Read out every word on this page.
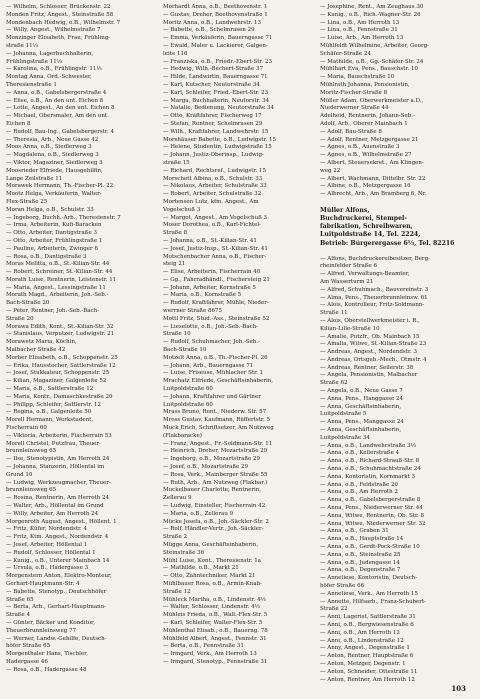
— Wilhelm, Schlosser, Brückenstr. 22
Monden Fritz, Angest., Steinstraße 58
Mondenbach Hedwig, o.B., Wilhelmstr. 7
— Willy, Angest., Wilhelmstraße 7
Monzinger Elisabeth, Frau, Frühling-
straße 11⅓
— Johanna, Lagerbuchhalterin,
Frühlingstraße 11⅓
— Karolina, o.B., Frühlingstr. 11⅓
Montag Anna, Ord.-Schwester,
Theresienstraße 1
— Anna, o.B., Gabelsbergerstraße 4
— Elise, o.B., An den unt. Eichen 8
— Lotte, Angest., An den unt. Eichen 8
— Michael, Obersmaler, Am den unt.
Eichen 8
— Rudolf, Bau-Ing., Gabelsbergerstr. 4
— Theresia, Arb., Neue Gasse 42
Moos Anna, o.B., Siedlerweg 3
— Magdalena, o.B., Siedlerweg 3
— Viktor, Magaziner, Siedlerweg 3
Moosrieder Elfriede, Hausgehilfin,
Lange Zeilstraße 11
Morawek Hermann, Th.-Fischer-Pl. 22
Mootz Helga, Verkäuferin, Walter-
Flex-Straße 25
Moran Helga, o.B., Schulstr. 33
— Ingeborg, Buchh.-Arb., Theresienstr. 7
— Irma, Arbeiterin, Kufi-Baracken
— Otto, Arbeiter, Dantigstraße 3
— Otto, Arbeiter, Frühlingstraße 1
— Pauline, Arbeiterin, Zwinger 6
— Rosa, o.B., Dantigstraße 3
Moras Melitta, o.B., St.-Kilian-Str. 44
— Robert, Schreiner, St.-Kilian-Str. 44
Morath Luise, Rentnerin, Leistenstr. 11
— Maria, Angest., Lessingstraße 11
Morath Magd., Arbeiterin, Joh.-Seb.-
Bach-Straße 20
— Peter, Rentner, Joh.-Seb.-Bach-
Straße 20
Morawa Edith, Kont., St.-Kilian-Str. 32
— Stanislaus, Verputzer, Ludwigstr. 21
Morawetz Maria, Köchin,
Malbacher Straße 42
Morber Elisabeth, o.B., Schoppenstr. 25
— Erika, Hausstocher, Sattlerstraße 12
— Josef, Stukkateur, Schoppenstr. 25
— Kilian, Magaziner, Galgenleite 52
— Maria, o.B., Sattlerstraße 12
— Maria, Kontr., Damaschkestraße 20
— Philipp, Schleifer, Sattlerstr. 12
— Regina, o.B., Galgenleite 50
Morell Hermann, Werkstudent,
Fischerrain 60
— Viktoria, Arbeiterin, Fischerrain 53
Morell Christel, Putzfrau, Theuer-
brunnleinsweg 65
— Ilse, Stenotypistin, Am Herroth 24
— Johanna, Stanzerin, Höllental im
Grund 10
— Ludwig, Werkzeugmacher, Theuer-
brunnleinsweg 65
— Rosina, Rentnerin, Am Herroth 24
— Walter, Arb., Höllental im Grund
— Willy, Arbeiter, Am Herroth 24
Morgenroth August, Angest., Höllent. 1
— Fritz, Küfer, Nordendstr. 4
— Fritz, Ktm. Angest., Nordendstr. 4
— Josef, Arbeiter, Höllental 1
— Rudolf, Schlosser, Höllental 1
— Kunig., o.B., Unterer Mainbach 14
— Ursula, o.B., Hadergasse 3
Morgenstern Anton, Elektro-Monteur,
Gerhart-Hauptmann-Str. 4
— Babette, Stenotyp., Deutschhöfer
Straße 65
— Berta, Arb., Gerhart-Hauptmann-
Straße 4
— Günter, Bäcker und Konditor,
Theuerbrunnleinsweg 77
— Werner, Landw.-Gehilfe, Deutsch-
höfer Straße 65
Morgenthaler Hans, Tischler,
Hadergasse 46
— Rosa, o.B., Hadergasse 48
Morhardt Anna, o.B., Beethovenstr. 1
— Gustav, Dreher, Beethovenstraße 1
Moritz Anna, o.B., Landwehrstr. 13
— Babette, o.B., Schelmrasen 29
— Emma, Verkäuferin, Bauerngasse 71
— Ewald, Maler u. Lackierer, Galgen-
leite 116
— Franziska, o.B., Friedr.-Ebert-Str. 23
— Hedwig, Wilh.-Bechert-Straße 37
— Hilde, Landwirtin, Bauerngasse 71
— Karl, Kutscher, Neutorstraße 34
— Karl, Schleifer, Fried.-Ebert-Str. 23
— Marga, Buchhalterin, Neutorstr. 34
— Natalie, Bedienung, Neutorstraße 34
— Otto, Kraftfahrer, Fischerweg 17
— Stefan, Rentner, Schelmrasen 29
— Wilh., Kraftfahrer, Landwehrstr. 15
Morshäuser Babette, o.B., Ludwigstr. 15
— Helene, Studentin, Ludwigstraße 15
— Johann, Justiz-Oberinsp., Ludwig-
straße 15
— Richard, Rechtsref., Ludwigstr. 15
Morschett Albina, o.B., Schulstr. 33
— Nikolaus, Arbeiter, Schulstraße 33
— Robert, Arbeiter, Schulstraße 32
Mortensen Lutz, kfm. Angest., Am
Vogelschuß 3
— Margot, Angest., Am Vogelschuß 3
Moser Dorothea, o.B., Karl-Fichtel-
Straße 8
— Johanna, o.B., St.-Kilian-Str. 41
— Josef, Justiz-Insp., St.-Kilian-Str. 41
Motschenbacher Anna, o.B., Fischer-
steig 21
— Elise, Arbeiterin, Fischerrain 40
— Gg., Fahrradhändl., Fischersteig 21
— Johann, Arbeiter, Kornstraße 5
— Maria, o.B., Kornstraße 5
— Rudolf, Kraftfahrer, Mühle, Nieder-
werrner Straße 8675
Mottl Fritz, Stud.-Ass., Steinstraße 52
— Lieselotte, o.B., Joh.-Seb.-Bach-
Straße 10
— Rudolf, Schuhmacher, Joh.-Seb.-
Bach-Straße 10
Motzelt Anna, o.B., Th.-Fischer-Pl. 26
— Johann, Arb., Bauerngasse 71
— Luise, Friseuse, Mühlacher Str. 1
Mrachatz Elfriede, Geschäftsinhaberin,
Luitpoldstraße 60
— Johann, Kraftfahrer und Gärtner
Luitpoldstraße 60
Mrass Bruno, Rent., Niederw. Str. 57
Mross Gustav, Kaufmann, Rüffertstr. 5
Muck Erich, Schriftsetzer, Am Nutzweg
(Flakbaracke)
— Franz, Angest., Fr.-Soldmann-Str. 11
— Heinrich, Dreher, Mozartstraße 29
— Ingeborg, o.B., Mozartstraße 29
— Josef, o.B., Mozartstraße 29
— Rosa, Verk., Mainberger Straße 55
— Ruth, Arb., Am Nutzweg (Flakbar.)
Muckelbauer Charlotte, Rentnerin,
Zellerau 9
— Ludwig, Einsteller, Fischerrain 42
— Maria, o.B., Zellerau 9
Mücke Josefa, o.B., Joh.-Säckler-Str. 2
— Rolf, Händler-Vertr., Joh.-Säckler-
Straße 2
Mügge Anna, Geschäftsinhaberin,
Steinstraße 36
Mühl Luise, Kont., Theresienstr. 1a
— Mathilde, o.B., Markt 21
— Otto, Zahntechniker, Markt 21
Mühlbauer Rosa, o.B., Armin-Knab-
Straße 12
Mühleck Martha, o.B., Lindenstr. 4⅓
— Walter, Schlosser, Lindenstr. 4⅓
Mühleis Frieda, o.B., Wall.-Flex-Str. 5
— Karl, Schleifer, Walter-Flex-Str. 5
Mühlenthal Elisab., o.B., Bauerng. 78
Mühlfeld Albert, Angest., Fennstr. 31
— Berta, o.B., Fennstraße 31
— Irmgard, Verk., Am Herroth 13
— Irmgard, Stenotyp., Fennstraße 31
— Josephine, Rent., Am Zeughaus 30
— Kunig., o.B., Rich.-Wagner-Str. 26
— Lina, o.B., Am Herroth 13
— Lina, o.B., Fennstraße 31
— Luise, Arb., Am Herroth 13
Mühlfeldt Wilhelmine, Arbeiter, Georg-
Schäfer-Straße 24
— Mathilde, o.B., Gg.-Schäfer-Str. 24
Mühlhart Eva, Pens., Bauschstr. 10
— Maria, Bauschstraße 10
Mühlrath Johanna, Pensionistin,
Moritz-Fischer-Straße 8
Müller Adam, Oberwerkmeister a.D.,
Niederwerner Straße 44
Adelheid, Rentnerin, Johann-Seb.-
Adolf, Arb., Oberer Mainbach 1
— Adolf, Bau-Straße 8
— Adolf, Rentner, Metzgergasse 21
— Agnes, o.B., Auenstraße 3
— Agnes, o.B., Wilhelmstraße 27
— Albert, Steuersekret., Am Klingen-
weg 22
— Albert, Wachmann, Dittelbr. Str. 22
— Albine, o.B., Metzgergasse 16
— Albrecht, Arb., Am Bramberg 6, Nr.

Müller Alfons,
Buchdruckerei, Stempel-
fabrikation, Schreibwaren,
Luitpoldstraße 14, Tel. 2224,
Betrieb: Bürgerergasse 6⅓, Tel. 82216

— Alfons, Buchdruckereibesitzer, Berg-
rheinfelder Straße 6
— Alfred, Verwaltungs-Beamter,
Am Wasserturm 21
— Alfred, Schuhmach., Bauvereinstr. 3
— Alma, Pens., Theuerbrunnleinsw. 61
— Alois, Kontrolleur, Fritz-Soldmann-
Straße 11
— Alois, Oberstellwerkmeister i. R.,
Kilian-Lille-Straße 10
— Amalie, Putzfr., Ob. Mainbach 15
— Amalia, Witwe, St.-Kilian-Straße 23
— Andreas, Angest., Nordendstr. 3
— Andreas, Ortsgeb.-Mech., Otmstr. 4
— Andreas, Rentner, Seilerstr. 38
— Angela, Pensionistin, Malbacher
Straße 62
— Angela, o.B., Neue Gasse 7
— Anna, Pens., Hanggasse 24
— Anna, Geschäftsinhaberin,
Luitpoldstraße 5
— Anna, Pens., Manggasse 24
— Anna, Geschäftsinhaberin,
Luitpoldstraße 34
— Anna, o.B., Landwehrstraße 3⅓
— Anna, o.B., Kellerstraße 4
— Anna, o.B., Richard-Strauß-Str. 8
— Anna, o.B., Schuhmachtstraße 24
— Anna, Kontoristin, Kornmarkt 3
— Anna, o.B., Feldstraße 20
— Anna, o.B., Am Herroth 2
— Anna, o.B., Gabelsbergerstraße 8
— Anna, Pens., Niederwerner Str. 44
— Anna, Witwe, Rentnerin, Ob. Str. 8
— Anna, Witwe, Niederwerner Str. 32
— Anna, o.B., Graben 31
— Anna, o.B., Hauptstraße 14
— Anna, o.B., Gerdt-Pock-Straße 10
— Anna, o.B., Steinstraße 25
— Anna, o.B., Judengasse 14
— Anna, o.B., Degenstraße 7
— Anneliese, Kontoristin, Deutsch-
höfer Straße 66
— Anneliese, Verk., Am Herroth 15
— Annette, Hilfsarb., Franz-Schubert-
Straße 22
— Anni, Lagerist, Sattlerstraße 31
— Anni, o.B., Bergwiesenstraße 6
— Anni, o.B., Am Herroth 12
— Anni, o.B., Lindenstraße 12
— Anny, Angest., Degenstraße 1
— Anton, Rentner, Hauptstraße 6
— Anton, Metzger, Degenstr. 1
— Anton, Schneider, Ottestraße 11
— Anton, Rentner, Am Herroth 12
103
